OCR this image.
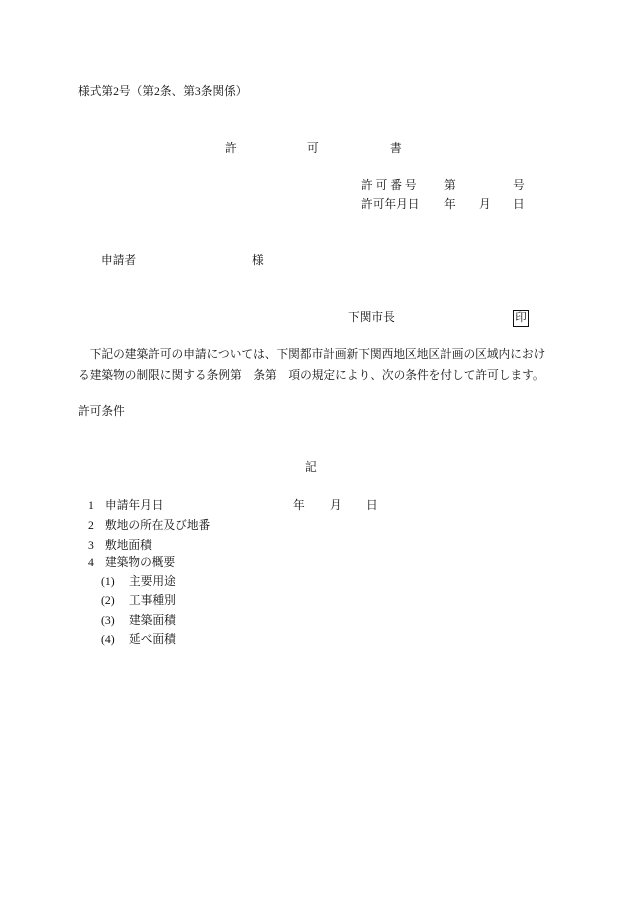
様式第2号（第2条、第3条関係）
許	可	書
許 可 番 号 第	号
許可年月日 年 月 日
申請者	様
下関市長	印
　下記の建築許可の申請については、下関都市計画新下関西地区地区計画の区域内におけ
る建築物の制限に関する条例第　条第　項の規定により、次の条件を付して許可します。
許可条件
記
1 申請年月日	年 月 日
2 敷地の所在及び地番
3 敷地面積
4 建築物の概要
(1) 主要用途
(2) 工事種別
(3) 建築面積
(4) 延べ面積
